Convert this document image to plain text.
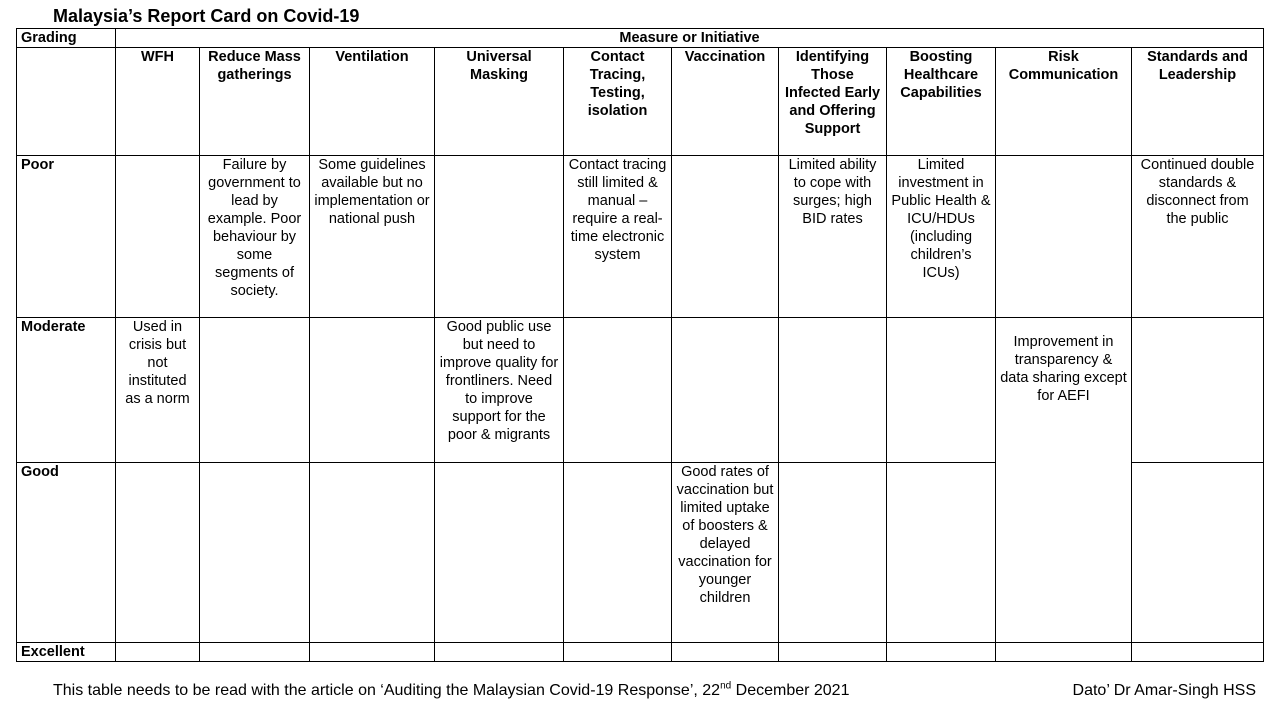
Malaysia’s Report Card on Covid-19
Grading	Measure or Initiative									
	WFH	Reduce Mass gatherings	Ventilation	Universal Masking	Contact Tracing, Testing, isolation	Vaccination	Identifying Those Infected Early and Offering Support	Boosting Healthcare Capabilities	Risk Communication	Standards and Leadership
Poor		Failure by government to lead by example. Poor behaviour by some segments of society.	Some guidelines available but no implementation or national push		Contact tracing still limited & manual – require a real-time electronic system		Limited ability to cope with surges; high BID rates	Limited investment in Public Health & ICU/HDUs (including children’s ICUs)		Continued double standards & disconnect from the public
Moderate	Used in crisis but not instituted as a norm			Good public use but need to improve quality for frontliners. Need to improve support for the poor & migrants					Improvement in transparency & data sharing except for AEFI	

Good						Good rates of vaccination but limited uptake of boosters & delayed vaccination for younger children				
Excellent										
This table needs to be read with the article on ‘Auditing the Malaysian Covid-19 Response’, 22nd December 2021	Dato’ Dr Amar-Singh HSS
